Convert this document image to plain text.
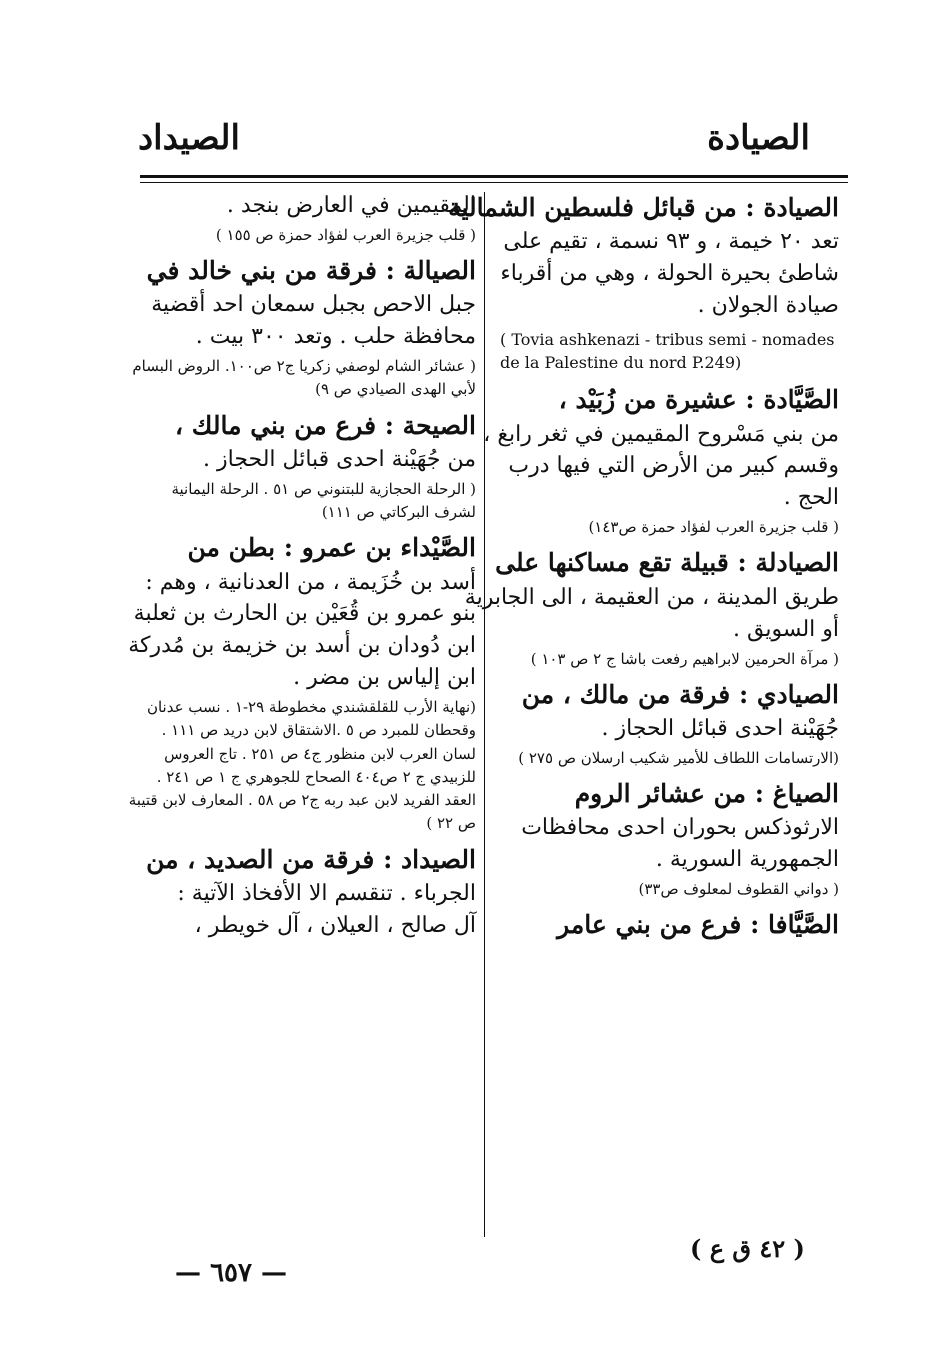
الصيادة
الصيداد
الصيادة : من قبائل فلسطين الشمالية
تعد ٢٠ خيمة ، و ٩٣ نسمة ، تقيم على
شاطئ بحيرة الحولة ، وهي من أقرباء
صيادة الجولان .
( Tovia ashkenazi - tribus semi - nomades de la Palestine du nord P.249)
الصَّيَّادة : عشيرة من زُبَيْد ،
من بني مَسْروح المقيمين في ثغر رابغ ،
وقسم كبير من الأرض التي فيها درب
الحج .
( قلب جزيرة العرب لفؤاد حمزة ص١٤٣)
الصيادلة : قبيلة تقع مساكنها على
طريق المدينة ، من العقيمة ، الى الجابرية
أو السويق .
( مرآة الحرمين لابراهيم رفعت باشا ج ٢ ص ١٠٣ )
الصيادي : فرقة من مالك ، من
جُهَيْنة احدى قبائل الحجاز .
(الارتسامات اللطاف للأمير شكيب ارسلان ص ٢٧٥ )
الصياغ : من عشائر الروم
الارثوذكس بحوران احدى محافظات
الجمهورية السورية .
( دواني القطوف لمعلوف ص٣٣)
الصَّيَّافا : فرع من بني عامر
( ٤٢ ق ع )
المقيمين في العارض بنجد .
( قلب جزيرة العرب لفؤاد حمزة ص ١٥٥ )
الصيالة : فرقة من بني خالد في
جبل الاحص بجبل سمعان احد أقضية
محافظة حلب . وتعد ٣٠٠ بيت .
( عشائر الشام لوصفي زكريا ج٢ ص١٠٠. الروض البسام لأبي الهدى الصيادي ص ٩)
الصيحة : فرع من بني مالك ،
من جُهَيْنة احدى قبائل الحجاز .
( الرحلة الحجازية للبتنوني ص ٥١ . الرحلة اليمانية لشرف البركاتي ص ١١١)
الصَّيْداء بن عمرو : بطن من
أسد بن خُزَيمة ، من العدنانية ، وهم :
بنو عمرو بن قُعَيْن بن الحارث بن ثعلبة
ابن دُودان بن أسد بن خزيمة بن مُدركة
ابن إلياس بن مضر .
(نهاية الأرب للقلقشندي مخطوطة ٢٩-١ . نسب عدنان وقحطان للمبرد ص ٥ .الاشتقاق لابن دريد ص ١١١ . لسان العرب لابن منظور ج٤ ص ٢٥١ . تاج العروس للزبيدي ج ٢ ص٤٠٤ الصحاح للجوهري ج ١ ص ٢٤١ . العقد الفريد لابن عبد ربه ج٢ ص ٥٨ . المعارف لابن قتيبة ص ٢٢ )
الصيداد : فرقة من الصديد ، من
الجرباء . تنقسم الا الأفخاذ الآتية :
آل صالح ، العيلان ، آل خويطر ،
— ٦٥٧ —
